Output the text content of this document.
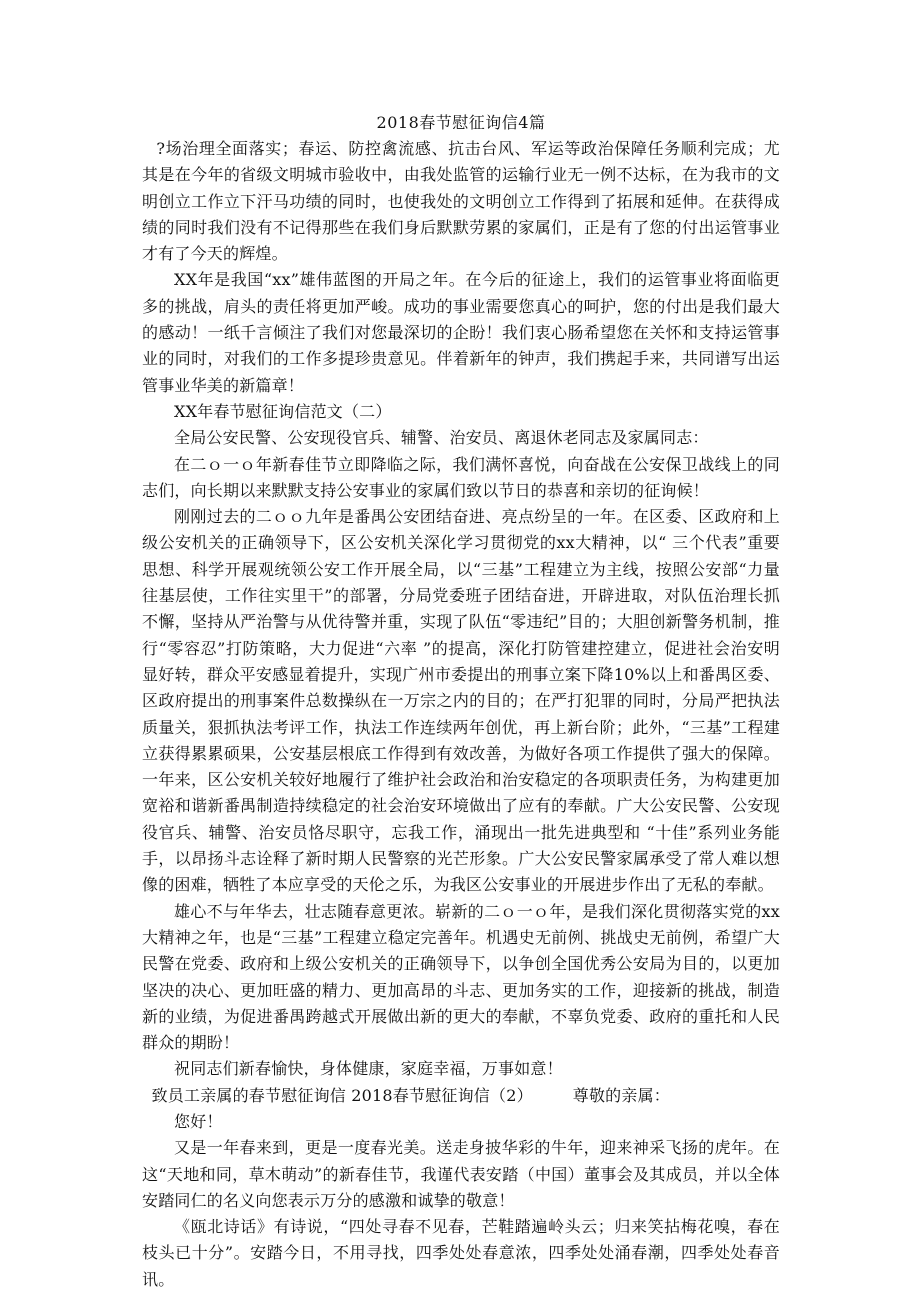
2018春节慰征询信4篇

?场治理全面落实；春运、防控禽流感、抗击台风、军运等政治保障任务顺利完成；尤其是在今年的省级文明城市验收中，由我处监管的运输行业无一例不达标，在为我市的文明创立工作立下汗马功绩的同时，也使我处的文明创立工作得到了拓展和延伸。在获得成绩的同时我们没有不记得那些在我们身后默默劳累的家属们，正是有了您的付出运管事业才有了今天的辉煌。

XX年是我国“xx”雄伟蓝图的开局之年。在今后的征途上，我们的运管事业将面临更多的挑战，肩头的责任将更加严峻。成功的事业需要您真心的呵护，您的付出是我们最大的感动！一纸千言倾注了我们对您最深切的企盼！我们衷心肠希望您在关怀和支持运管事业的同时，对我们的工作多提珍贵意见。伴着新年的钟声，我们携起手来，共同谱写出运管事业华美的新篇章！

XX年春节慰征询信范文（二）

全局公安民警、公安现役官兵、辅警、治安员、离退休老同志及家属同志：

在二ｏ一ｏ年新春佳节立即降临之际，我们满怀喜悦，向奋战在公安保卫战线上的同志们，向长期以来默默支持公安事业的家属们致以节日的恭喜和亲切的征询候！

刚刚过去的二ｏｏ九年是番禺公安团结奋进、亮点纷呈的一年。在区委、区政府和上级公安机关的正确领导下，区公安机关深化学习贯彻党的xx大精神，以“ 三个代表”重要思想、科学开展观统领公安工作开展全局，以“三基”工程建立为主线，按照公安部“力量往基层使，工作往实里干”的部署，分局党委班子团结奋进，开辟进取，对队伍治理长抓不懈，坚持从严治警与从优待警并重，实现了队伍“零违纪”目的；大胆创新警务机制，推行“零容忍”打防策略，大力促进“六率 ”的提高，深化打防管建控建立，促进社会治安明显好转，群众平安感显着提升，实现广州市委提出的刑事立案下降10%以上和番禺区委、区政府提出的刑事案件总数操纵在一万宗之内的目的；在严打犯罪的同时，分局严把执法质量关，狠抓执法考评工作，执法工作连续两年创优，再上新台阶；此外，“三基”工程建立获得累累硕果，公安基层根底工作得到有效改善，为做好各项工作提供了强大的保障。一年来，区公安机关较好地履行了维护社会政治和治安稳定的各项职责任务，为构建更加宽裕和谐新番禺制造持续稳定的社会治安环境做出了应有的奉献。广大公安民警、公安现役官兵、辅警、治安员恪尽职守，忘我工作，涌现出一批先进典型和 “十佳”系列业务能手，以昂扬斗志诠释了新时期人民警察的光芒形象。广大公安民警家属承受了常人难以想像的困难，牺牲了本应享受的天伦之乐，为我区公安事业的开展进步作出了无私的奉献。

雄心不与年华去，壮志随春意更浓。崭新的二ｏ一ｏ年，是我们深化贯彻落实党的xx大精神之年，也是“三基”工程建立稳定完善年。机遇史无前例、挑战史无前例，希望广大民警在党委、政府和上级公安机关的正确领导下，以争创全国优秀公安局为目的，以更加坚决的决心、更加旺盛的精力、更加高昂的斗志、更加务实的工作，迎接新的挑战，制造新的业绩，为促进番禺跨越式开展做出新的更大的奉献，不辜负党委、政府的重托和人民群众的期盼！

祝同志们新春愉快，身体健康，家庭幸福，万事如意！

致员工亲属的春节慰征询信 2018春节慰征询信（2）	尊敬的亲属：

您好！

又是一年春来到，更是一度春光美。送走身披华彩的牛年，迎来神采飞扬的虎年。在这“天地和同，草木萌动”的新春佳节，我谨代表安踏（中国）董事会及其成员，并以全体安踏同仁的名义向您表示万分的感激和诚挚的敬意！

《瓯北诗话》有诗说，“四处寻春不见春，芒鞋踏遍岭头云；归来笑拈梅花嗅，春在枝头已十分”。安踏今日，不用寻找，四季处处春意浓，四季处处涌春潮，四季处处春音讯。
